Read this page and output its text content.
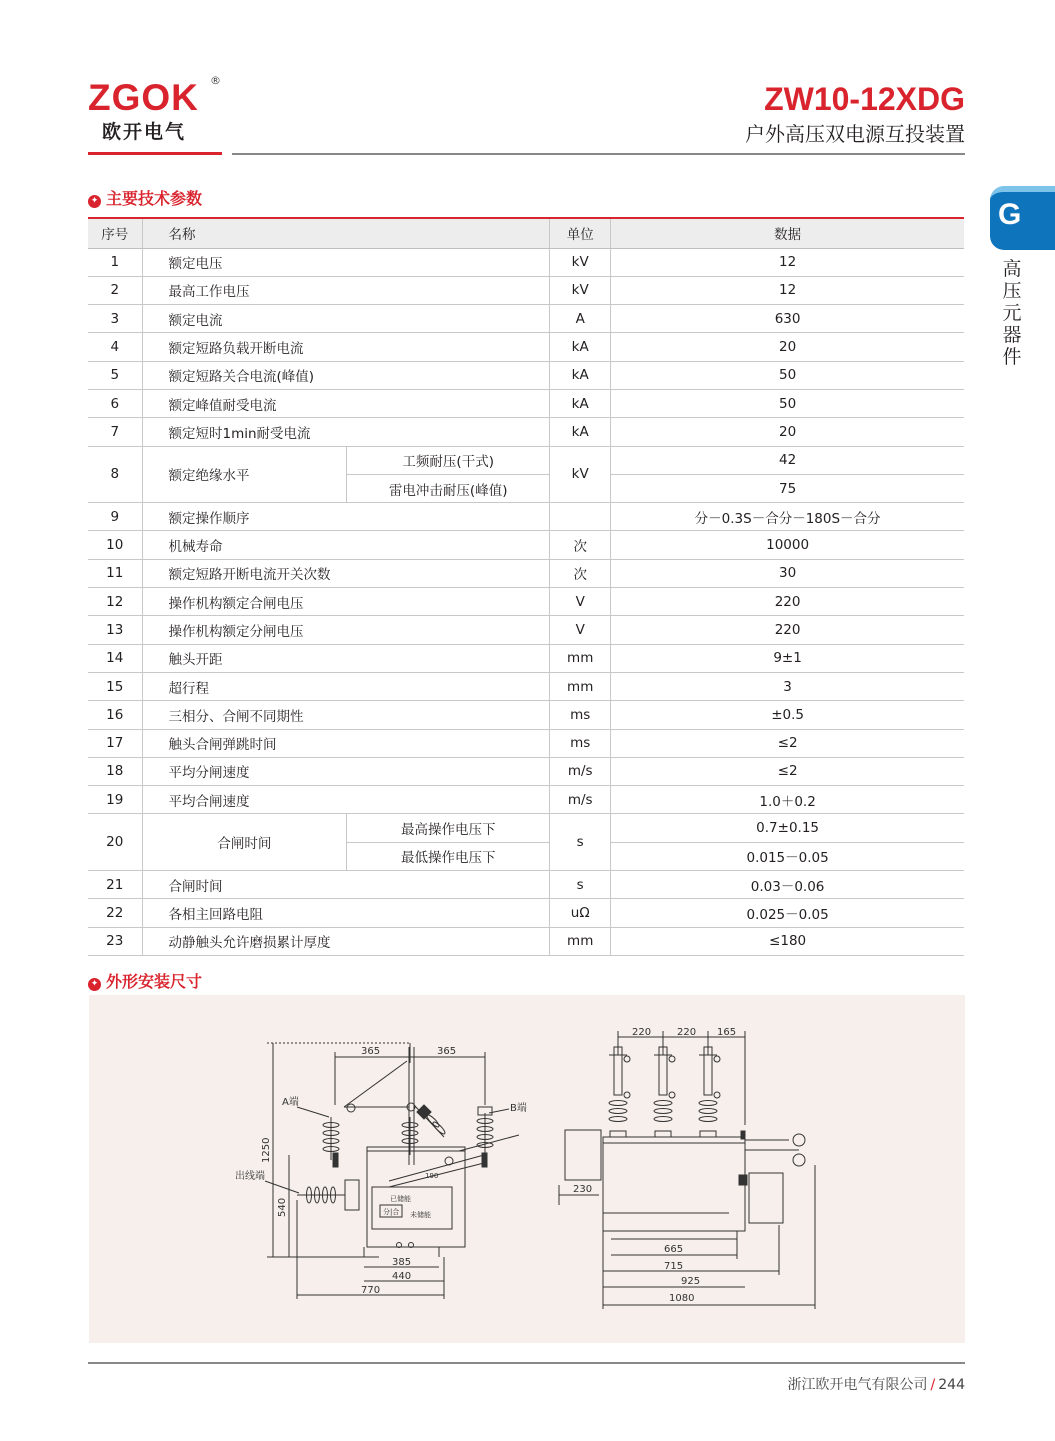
ZGOK	®
欧开电气
ZW10-12XDG
户外高压双电源互投装置
G
高
压
元
器
件
✦ 主要技术参数
序号	名称		单位	数据
1	额定电压		kV	12
2	最高工作电压		kV	12
3	额定电流		A	630
4	额定短路负载开断电流		kA	20
5	额定短路关合电流(峰值)		kA	50
6	额定峰值耐受电流		kA	50
7	额定短时1min耐受电流		kA	20
8	额定绝缘水平	工频耐压(干式)	kV	42
		雷电冲击耐压(峰值)		75
9	额定操作顺序			分－0.3S－合分－180S－合分
10	机械寿命		次	10000
11	额定短路开断电流开关次数		次	30
12	操作机构额定合闸电压		V	220
13	操作机构额定分闸电压		V	220
14	触头开距		mm	9±1
15	超行程		mm	3
16	三相分、合闸不同期性		ms	±0.5
17	触头合闸弹跳时间		ms	≤2
18	平均分闸速度		m/s	≤2
19	平均合闸速度		m/s	1.0＋0.2
20	合闸时间	最高操作电压下	s	0.7±0.15
		最低操作电压下		0.015－0.05
21	合闸时间		s	0.03－0.06
22	各相主回路电阻		uΩ	0.025－0.05
23	动静触头允许磨损累计厚度		mm	≤180
✦ 外形安装尺寸
365	365
1250
540
A端
B端
已储能
未储能
分|合
190
出线端
385
440
770
220	220 165
230
665
715
925
1080
浙江欧开电气有限公司 / 244
